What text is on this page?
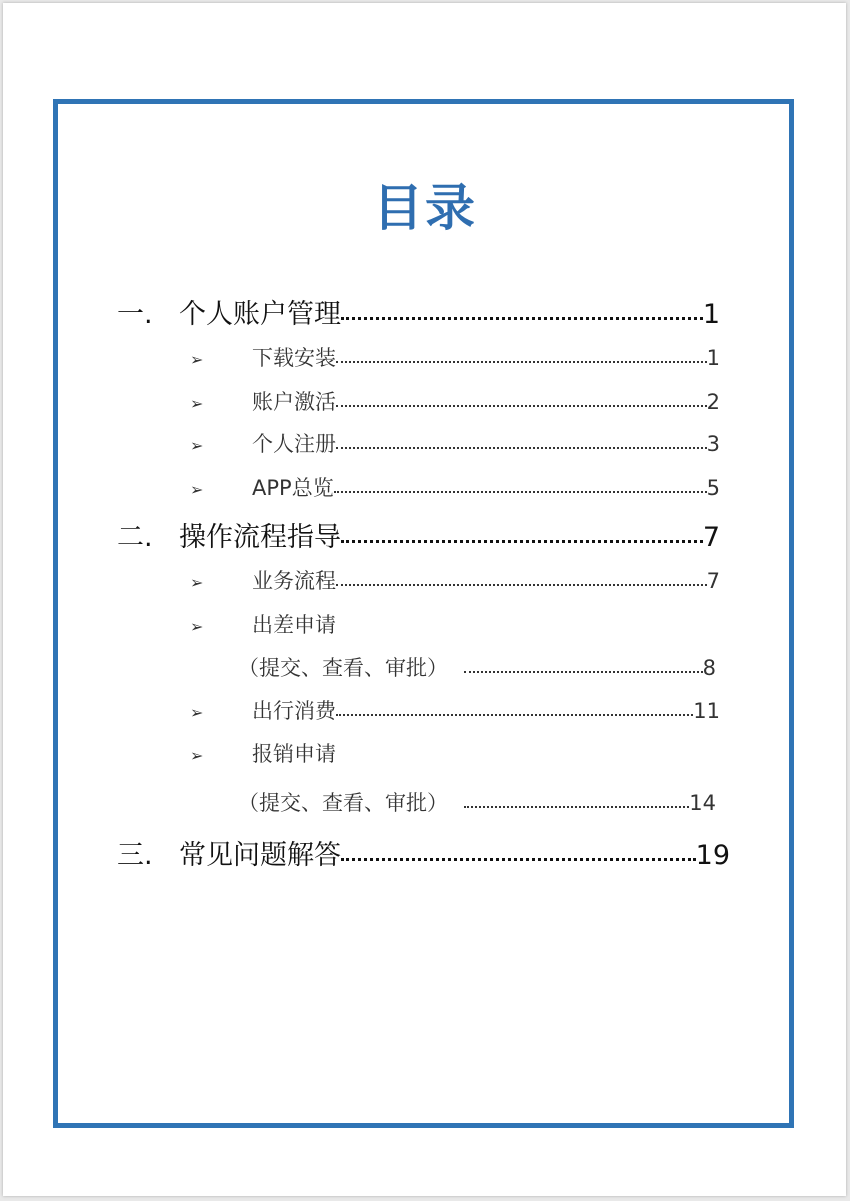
目录
一. 个人账户管理	1
➢	下载安装	1
➢	账户激活	2
➢	个人注册	3
➢	APP总览	5
二. 操作流程指导	7
➢	业务流程	7
➢	出差申请
（提交、查看、审批）	8
➢	出行消费	11
➢	报销申请
（提交、查看、审批）	14
三. 常见问题解答	19
